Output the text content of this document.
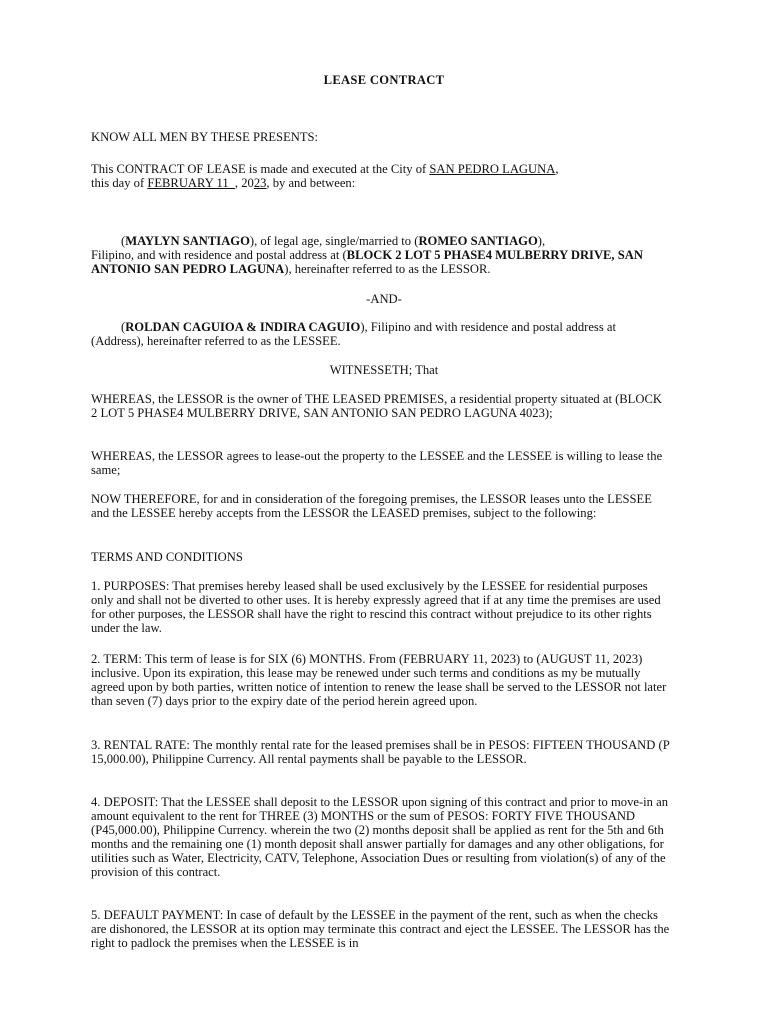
LEASE CONTRACT

KNOW ALL MEN BY THESE PRESENTS:

This CONTRACT OF LEASE is made and executed at the City of SAN PEDRO LAGUNA,
this day of FEBRUARY 11  , 2023, by and between:

(MAYLYN SANTIAGO), of legal age, single/married to (ROMEO SANTIAGO),
Filipino, and with residence and postal address at (BLOCK 2 LOT 5 PHASE4 MULBERRY DRIVE, SAN ANTONIO SAN PEDRO LAGUNA), hereinafter referred to as the LESSOR.

-AND-

(ROLDAN CAGUIOA & INDIRA CAGUIO), Filipino and with residence and postal address at (Address), hereinafter referred to as the LESSEE.

WITNESSETH; That

WHEREAS, the LESSOR is the owner of THE LEASED PREMISES, a residential property situated at (BLOCK 2 LOT 5 PHASE4 MULBERRY DRIVE, SAN ANTONIO SAN PEDRO LAGUNA 4023);

WHEREAS, the LESSOR agrees to lease-out the property to the LESSEE and the LESSEE is willing to lease the same;

NOW THEREFORE, for and in consideration of the foregoing premises, the LESSOR leases unto the LESSEE and the LESSEE hereby accepts from the LESSOR the LEASED premises, subject to the following:

TERMS AND CONDITIONS

1. PURPOSES: That premises hereby leased shall be used exclusively by the LESSEE for residential purposes only and shall not be diverted to other uses. It is hereby expressly agreed that if at any time the premises are used for other purposes, the LESSOR shall have the right to rescind this contract without prejudice to its other rights under the law.

2. TERM: This term of lease is for SIX (6) MONTHS. From (FEBRUARY 11, 2023) to (AUGUST 11, 2023) inclusive. Upon its expiration, this lease may be renewed under such terms and conditions as my be mutually agreed upon by both parties, written notice of intention to renew the lease shall be served to the LESSOR not later than seven (7) days prior to the expiry date of the period herein agreed upon.

3. RENTAL RATE: The monthly rental rate for the leased premises shall be in PESOS: FIFTEEN THOUSAND (P 15,000.00), Philippine Currency. All rental payments shall be payable to the LESSOR.

4. DEPOSIT: That the LESSEE shall deposit to the LESSOR upon signing of this contract and prior to move-in an amount equivalent to the rent for THREE (3) MONTHS or the sum of PESOS: FORTY FIVE THOUSAND (P45,000.00), Philippine Currency. wherein the two (2) months deposit shall be applied as rent for the 5th and 6th months and the remaining one (1) month deposit shall answer partially for damages and any other obligations, for utilities such as Water, Electricity, CATV, Telephone, Association Dues or resulting from violation(s) of any of the provision of this contract.

5. DEFAULT PAYMENT: In case of default by the LESSEE in the payment of the rent, such as when the checks are dishonored, the LESSOR at its option may terminate this contract and eject the LESSEE. The LESSOR has the right to padlock the premises when the LESSEE is in
